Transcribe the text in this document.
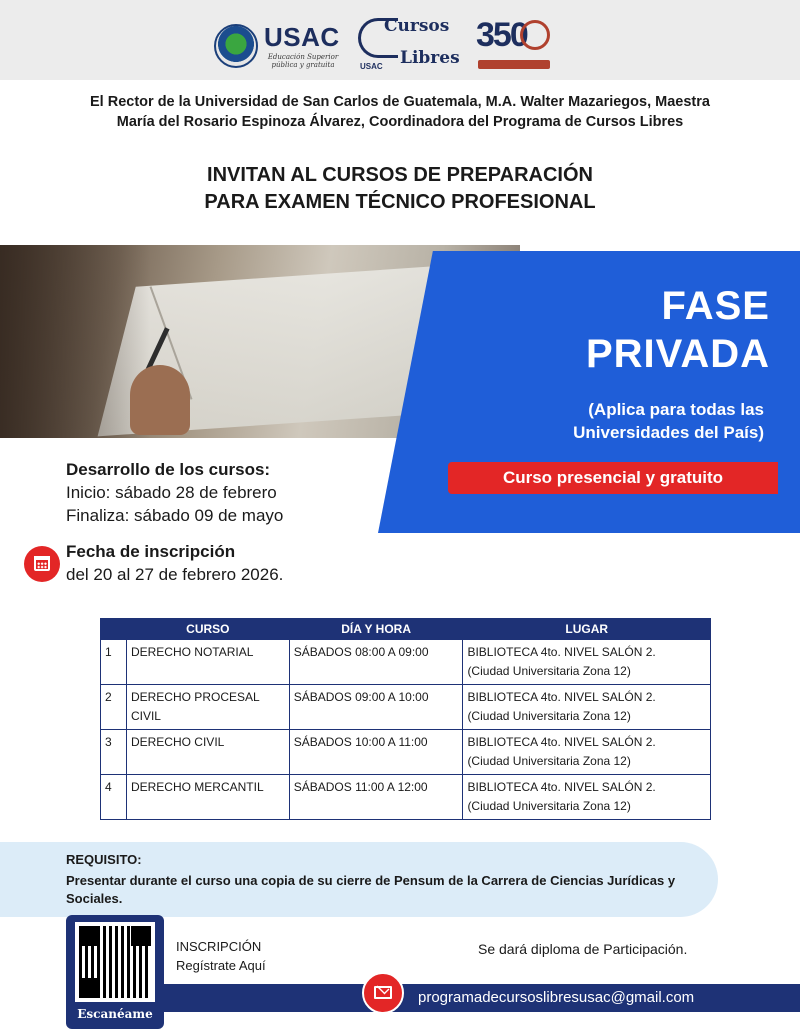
USAC
Educación Superior pública y gratuita
Cursos
Libres
USAC
350
El Rector de la Universidad de San Carlos de Guatemala, M.A. Walter Mazariegos, Maestra
María del Rosario Espinoza Álvarez, Coordinadora del Programa de Cursos Libres
INVITAN AL CURSOS DE PREPARACIÓN
PARA EXAMEN TÉCNICO PROFESIONAL
FASE
PRIVADA
(Aplica para todas las
Universidades del País)
Curso presencial y gratuito
Desarrollo de los cursos:
Inicio: sábado 28 de febrero
Finaliza: sábado 09 de mayo
Fecha de inscripción
del 20 al 27 de febrero 2026.
	CURSO	DÍA Y HORA	LUGAR
1	DERECHO NOTARIAL	SÁBADOS 08:00 A 09:00	BIBLIOTECA 4to. NIVEL SALÓN 2.
(Ciudad Universitaria Zona 12)

2	DERECHO PROCESAL CIVIL	SÁBADOS 09:00 A 10:00	BIBLIOTECA 4to. NIVEL SALÓN 2.
(Ciudad Universitaria Zona 12)

3	DERECHO CIVIL	SÁBADOS 10:00 A 11:00	BIBLIOTECA 4to. NIVEL SALÓN 2.
(Ciudad Universitaria Zona 12)

4	DERECHO MERCANTIL	SÁBADOS 11:00 A 12:00	BIBLIOTECA 4to. NIVEL SALÓN 2.
(Ciudad Universitaria Zona 12)
REQUISITO:
Presentar durante el curso una copia de su cierre de Pensum de la Carrera de Ciencias Jurídicas y Sociales.
Escanéame
INSCRIPCIÓN
Regístrate Aquí
Se dará diploma de Participación.
programadecursoslibresusac@gmail.com
